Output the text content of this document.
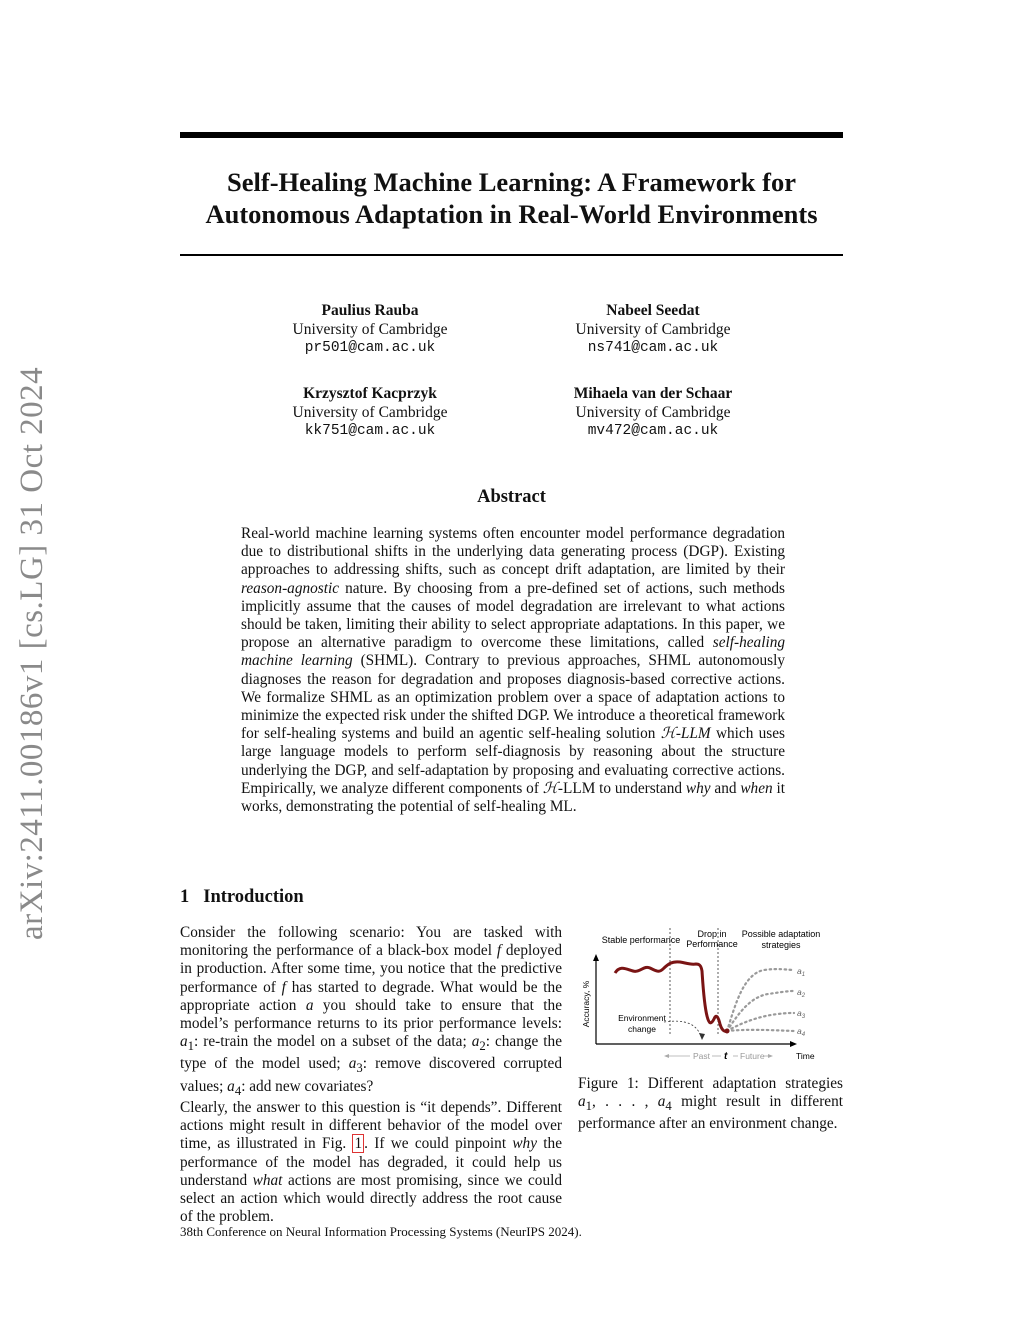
arXiv:2411.00186v1 [cs.LG] 31 Oct 2024
Self-Healing Machine Learning: A Framework for
Autonomous Adaptation in Real-World Environments
Paulius Rauba
University of Cambridge
pr501@cam.ac.uk
Nabeel Seedat
University of Cambridge
ns741@cam.ac.uk
Krzysztof Kacprzyk
University of Cambridge
kk751@cam.ac.uk
Mihaela van der Schaar
University of Cambridge
mv472@cam.ac.uk
Abstract
Real-world machine learning systems often encounter model performance degradation due to distributional shifts in the underlying data generating process (DGP). Existing approaches to addressing shifts, such as concept drift adaptation, are limited by their reason-agnostic nature. By choosing from a pre-defined set of actions, such methods implicitly assume that the causes of model degradation are irrelevant to what actions should be taken, limiting their ability to select appropriate adaptations. In this paper, we propose an alternative paradigm to overcome these limitations, called self-healing machine learning (SHML). Contrary to previous approaches, SHML autonomously diagnoses the reason for degradation and proposes diagnosis-based corrective actions. We formalize SHML as an optimization problem over a space of adaptation actions to minimize the expected risk under the shifted DGP. We introduce a theoretical framework for self-healing systems and build an agentic self-healing solution ℋ-LLM which uses large language models to perform self-diagnosis by reasoning about the structure underlying the DGP, and self-adaptation by proposing and evaluating corrective actions. Empirically, we analyze different components of ℋ-LLM to understand why and when it works, demonstrating the potential of self-healing ML.
1 Introduction

Consider the following scenario: You are tasked with monitoring the performance of a black-box model f deployed in production. After some time, you notice that the predictive performance of f has started to degrade. What would be the appropriate action a you should take to ensure that the model’s performance returns to its prior performance levels: $a_1$: re-train the model on a subset of the data; $a_2$: change the type of the model used; $a_3$: remove discovered corrupted values; $a_4$: add new covariates?

Clearly, the answer to this question is “it depends”. Different actions might result in different behavior of the model over time, as illustrated in Fig. 1 . If we could pinpoint why the performance of the model has degraded, it could help us understand what actions are most promising, since we could select an action which would directly address the root cause of the problem.
Stable performance
Drop in
Performance
Possible adaptation
strategies
Accuracy, %
$a_1$
$a_2$
$a_3$
$a_4$
Environment
change
Past t Future	Time
Figure 1: Different adaptation strategies $a_1$, . . . , $a_4$ might result in different performance after an environment change.
38th Conference on Neural Information Processing Systems (NeurIPS 2024).
